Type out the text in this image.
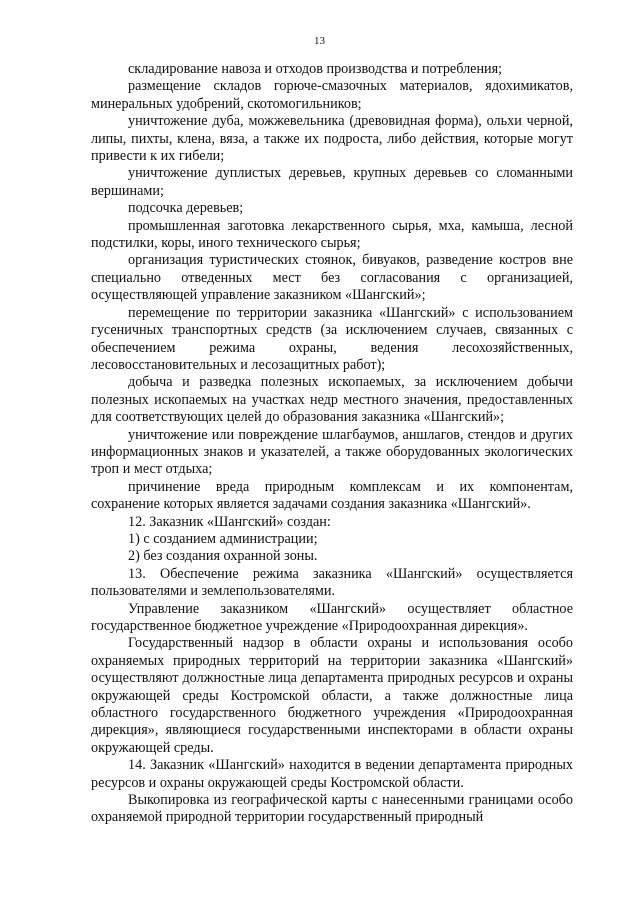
13

складирование навоза и отходов производства и потребления;

размещение складов горюче-смазочных материалов, ядохимикатов, минеральных удобрений, скотомогильников;

уничтожение дуба, можжевельника (древовидная форма), ольхи черной, липы, пихты, клена, вяза, а также их подроста, либо действия, которые могут привести к их гибели;

уничтожение дуплистых деревьев, крупных деревьев со сломанными вершинами;

подсочка деревьев;

промышленная заготовка лекарственного сырья, мха, камыша, лесной подстилки, коры, иного технического сырья;

организация туристических стоянок, бивуаков, разведение костров вне специально отведенных мест без согласования с организацией, осуществляющей управление заказником «Шангский»;

перемещение по территории заказника «Шангский» с использованием гусеничных транспортных средств (за исключением случаев, связанных с обеспечением режима охраны, ведения лесохозяйственных, лесовосстановительных и лесозащитных работ);

добыча и разведка полезных ископаемых, за исключением добычи полезных ископаемых на участках недр местного значения, предоставленных для соответствующих целей до образования заказника «Шангский»;

уничтожение или повреждение шлагбаумов, аншлагов, стендов и других информационных знаков и указателей, а также оборудованных экологических троп и мест отдыха;

причинение вреда природным комплексам и их компонентам, сохранение которых является задачами создания заказника «Шангский».

12. Заказник «Шангский» создан:

1) с созданием администрации;

2) без создания охранной зоны.

13. Обеспечение режима заказника «Шангский» осуществляется пользователями и землепользователями.

Управление заказником «Шангский» осуществляет областное государственное бюджетное учреждение «Природоохранная дирекция».

Государственный надзор в области охраны и использования особо охраняемых природных территорий на территории заказника «Шангский» осуществляют должностные лица департамента природных ресурсов и охраны окружающей среды Костромской области, а также должностные лица областного государственного бюджетного учреждения «Природоохранная дирекция», являющиеся государственными инспекторами в области охраны окружающей среды.

14. Заказник «Шангский» находится в ведении департамента природных ресурсов и охраны окружающей среды Костромской области.

Выкопировка из географической карты с нанесенными границами особо охраняемой природной территории государственный природный
